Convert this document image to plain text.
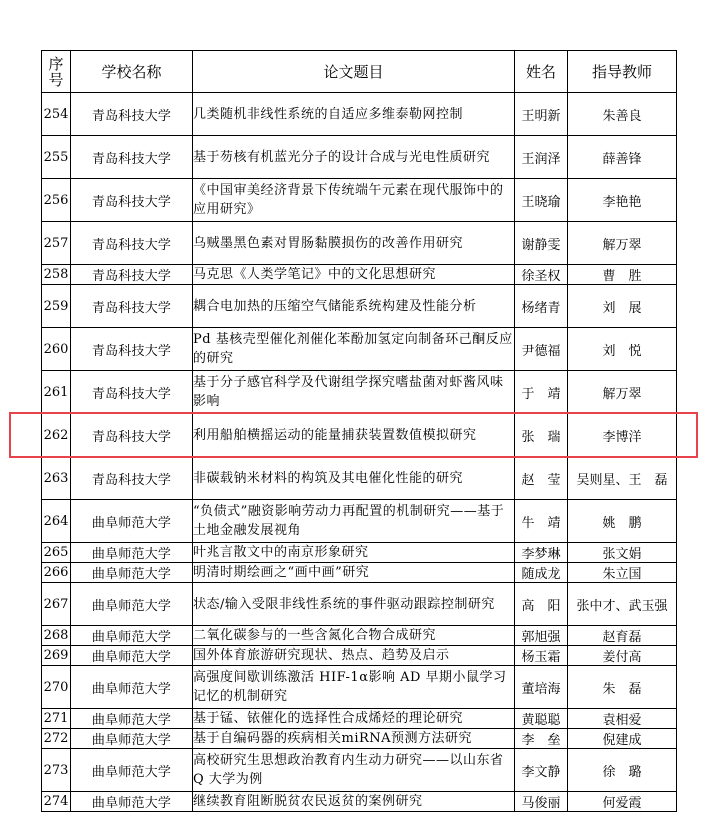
序号	学校名称	论文题目	姓名	指导教师
254	青岛科技大学	几类随机非线性系统的自适应多维泰勒网控制	王明新	朱善良
255	青岛科技大学	基于芴核有机蓝光分子的设计合成与光电性质研究	王润泽	薛善锋
256	青岛科技大学	《中国审美经济背景下传统端午元素在现代服饰中的应用研究》	王晓瑜	李艳艳
257	青岛科技大学	乌贼墨黑色素对胃肠黏膜损伤的改善作用研究	谢静雯	解万翠
258	青岛科技大学	马克思《人类学笔记》中的文化思想研究	徐圣权	曹　胜
259	青岛科技大学	耦合电加热的压缩空气储能系统构建及性能分析	杨绪青	刘　展
260	青岛科技大学	Pd 基核壳型催化剂催化苯酚加氢定向制备环己酮反应的研究	尹德福	刘　悦
261	青岛科技大学	基于分子感官科学及代谢组学探究嗜盐菌对虾酱风味影响	于　靖	解万翠
262	青岛科技大学	利用船舶横摇运动的能量捕获装置数值模拟研究	张　瑞	李博洋
263	青岛科技大学	非碳载钠米材料的构筑及其电催化性能的研究	赵　莹	吴则星、王　磊
264	曲阜师范大学	“负债式”融资影响劳动力再配置的机制研究——基于土地金融发展视角	牛　靖	姚　鹏
265	曲阜师范大学	叶兆言散文中的南京形象研究	李梦琳	张文娟
266	曲阜师范大学	明清时期绘画之“画中画”研究	随成龙	朱立国
267	曲阜师范大学	状态/输入受限非线性系统的事件驱动跟踪控制研究	高　阳	张中才、武玉强
268	曲阜师范大学	二氧化碳参与的一些含氮化合物合成研究	郭旭强	赵育磊
269	曲阜师范大学	国外体育旅游研究现状、热点、趋势及启示	杨玉霜	姜付高
270	曲阜师范大学	高强度间歇训练激活 HIF-1α影响 AD 早期小鼠学习记忆的机制研究	董培海	朱　磊
271	曲阜师范大学	基于锰、铱催化的选择性合成烯烃的理论研究	黄聪聪	袁相爱
272	曲阜师范大学	基于自编码器的疾病相关miRNA预测方法研究	李　垒	倪建成
273	曲阜师范大学	高校研究生思想政治教育内生动力研究——以山东省 Q 大学为例	李文静	徐　璐
274	曲阜师范大学	继续教育阻断脱贫农民返贫的案例研究	马俊丽	何爱霞
